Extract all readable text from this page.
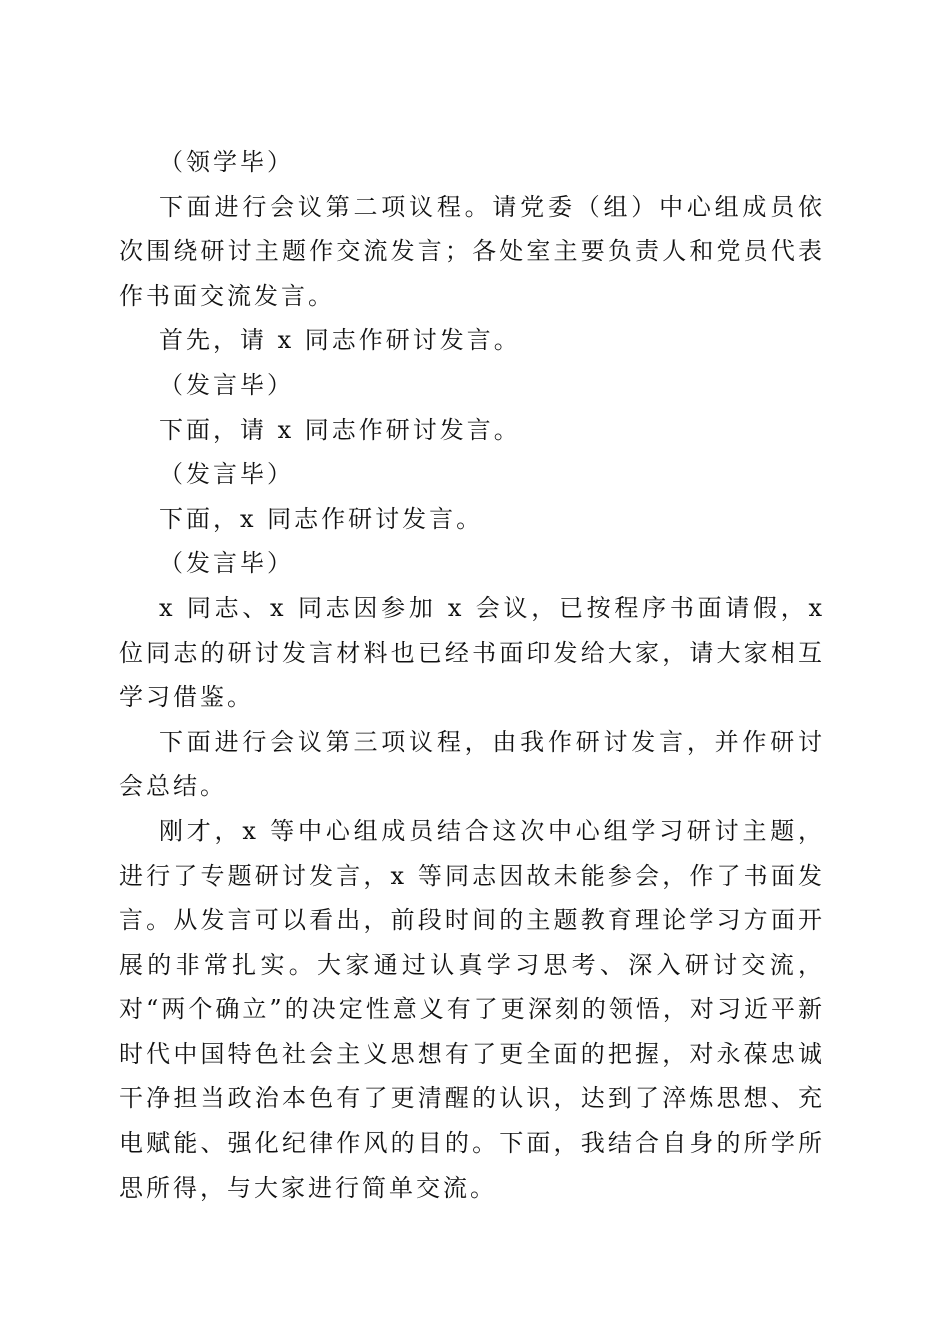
（领学毕）

下面进行会议第二项议程。请党委（组）中心组成员依次围绕研讨主题作交流发言；各处室主要负责人和党员代表作书面交流发言。

首先，请 x 同志作研讨发言。

（发言毕）

下面，请 x 同志作研讨发言。

（发言毕）

下面，x 同志作研讨发言。

（发言毕）

x 同志、x 同志因参加 x 会议，已按程序书面请假，x 位同志的研讨发言材料也已经书面印发给大家，请大家相互学习借鉴。

下面进行会议第三项议程，由我作研讨发言，并作研讨会总结。

刚才，x 等中心组成员结合这次中心组学习研讨主题，进行了专题研讨发言，x 等同志因故未能参会，作了书面发言。从发言可以看出，前段时间的主题教育理论学习方面开展的非常扎实。大家通过认真学习思考、深入研讨交流，对“两个确立”的决定性意义有了更深刻的领悟，对习近平新时代中国特色社会主义思想有了更全面的把握，对永葆忠诚干净担当政治本色有了更清醒的认识，达到了淬炼思想、充电赋能、强化纪律作风的目的。下面，我结合自身的所学所思所得，与大家进行简单交流。
